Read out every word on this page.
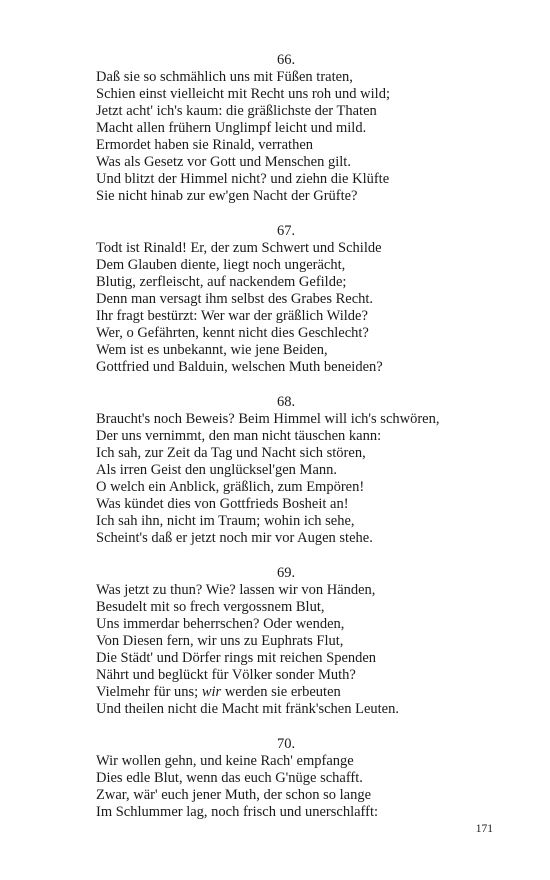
66.
Daß sie so schmählich uns mit Füßen traten,
Schien einst vielleicht mit Recht uns roh und wild;
Jetzt acht' ich's kaum: die gräßlichste der Thaten
Macht allen frühern Unglimpf leicht und mild.
Ermordet haben sie Rinald, verrathen
Was als Gesetz vor Gott und Menschen gilt.
Und blitzt der Himmel nicht? und ziehn die Klüfte
Sie nicht hinab zur ew'gen Nacht der Grüfte?
67.
Todt ist Rinald! Er, der zum Schwert und Schilde
Dem Glauben diente, liegt noch ungerächt,
Blutig, zerfleischt, auf nackendem Gefilde;
Denn man versagt ihm selbst des Grabes Recht.
Ihr fragt bestürzt: Wer war der gräßlich Wilde?
Wer, o Gefährten, kennt nicht dies Geschlecht?
Wem ist es unbekannt, wie jene Beiden,
Gottfried und Balduin, welschen Muth beneiden?
68.
Braucht's noch Beweis? Beim Himmel will ich's schwören,
Der uns vernimmt, den man nicht täuschen kann:
Ich sah, zur Zeit da Tag und Nacht sich stören,
Als irren Geist den unglücksel'gen Mann.
O welch ein Anblick, gräßlich, zum Empören!
Was kündet dies von Gottfrieds Bosheit an!
Ich sah ihn, nicht im Traum; wohin ich sehe,
Scheint's daß er jetzt noch mir vor Augen stehe.
69.
Was jetzt zu thun? Wie? lassen wir von Händen,
Besudelt mit so frech vergossnem Blut,
Uns immerdar beherrschen? Oder wenden,
Von Diesen fern, wir uns zu Euphrats Flut,
Die Städt' und Dörfer rings mit reichen Spenden
Nährt und beglückt für Völker sonder Muth?
Vielmehr für uns; wir werden sie erbeuten
Und theilen nicht die Macht mit fränk'schen Leuten.
70.
Wir wollen gehn, und keine Rach' empfange
Dies edle Blut, wenn das euch G'nüge schafft.
Zwar, wär' euch jener Muth, der schon so lange
Im Schlummer lag, noch frisch und unerschlafft:
171
